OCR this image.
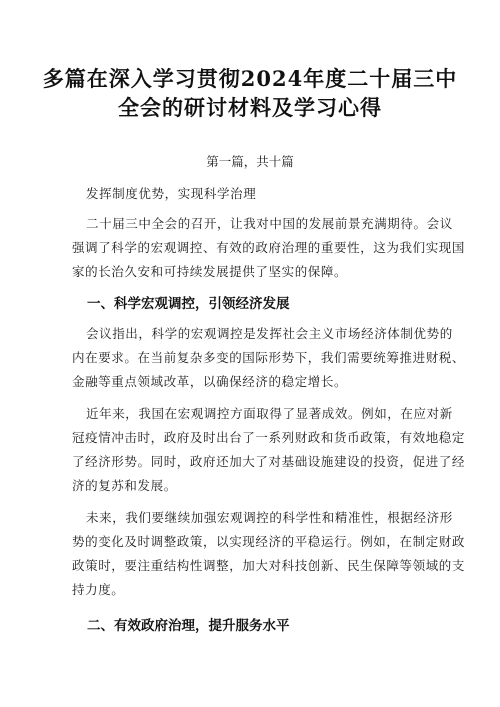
多篇在深入学习贯彻2024年度二十届三中
全会的研讨材料及学习心得
第一篇，共十篇
发挥制度优势，实现科学治理
二十届三中全会的召开，让我对中国的发展前景充满期待。会议
强调了科学的宏观调控、有效的政府治理的重要性，这为我们实现国
家的长治久安和可持续发展提供了坚实的保障。
一、科学宏观调控，引领经济发展
会议指出，科学的宏观调控是发挥社会主义市场经济体制优势的
内在要求。在当前复杂多变的国际形势下，我们需要统筹推进财税、
金融等重点领域改革，以确保经济的稳定增长。
近年来，我国在宏观调控方面取得了显著成效。例如，在应对新
冠疫情冲击时，政府及时出台了一系列财政和货币政策，有效地稳定
了经济形势。同时，政府还加大了对基础设施建设的投资，促进了经
济的复苏和发展。
未来，我们要继续加强宏观调控的科学性和精准性，根据经济形
势的变化及时调整政策，以实现经济的平稳运行。例如，在制定财政
政策时，要注重结构性调整，加大对科技创新、民生保障等领域的支
持力度。
二、有效政府治理，提升服务水平
